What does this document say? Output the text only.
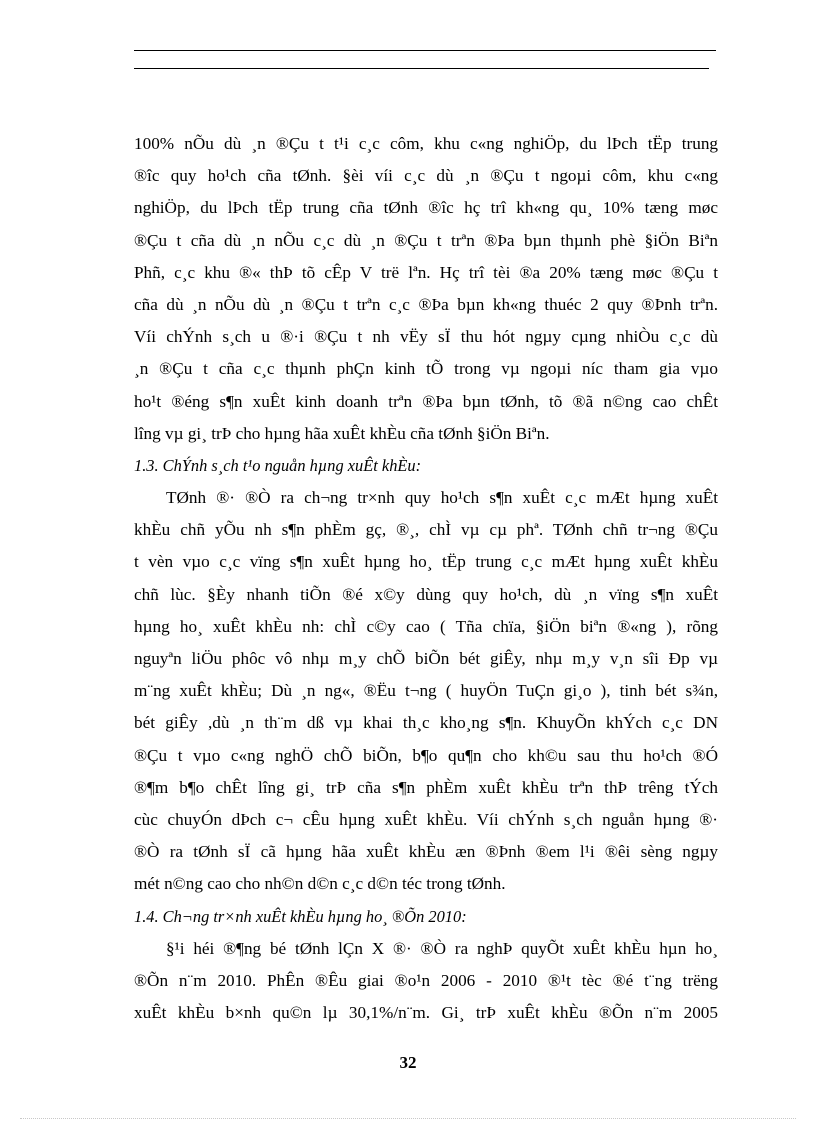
100% nÕu dù ¸n ®Çu t t¹i c¸c côm, khu c«ng nghiÖp, du lÞch tËp trung
®îc quy ho¹ch cña tØnh. §èi víi c¸c dù ¸n ®Çu t ngoµi côm, khu c«ng
nghiÖp, du lÞch tËp trung cña tØnh ®îc hç trî kh«ng qu¸ 10% tæng møc
®Çu t cña dù ¸n nÕu c¸c dù ¸n ®Çu t trªn ®Þa bµn thµnh phè §iÖn Biªn
Phñ, c¸c khu ®« thÞ tõ cÊp V trë lªn. Hç trî tèi ®a 20% tæng møc ®Çu t
cña dù ¸n nÕu dù ¸n ®Çu t trªn c¸c ®Þa bµn kh«ng thuéc 2 quy ®Þnh trªn.
Víi chÝnh s¸ch u ®·i ®Çu t nh vËy sÏ thu hót ngµy cµng nhiÒu c¸c dù
¸n ®Çu t cña c¸c thµnh phÇn kinh tÕ trong vµ ngoµi níc tham gia vµo
ho¹t ®éng s¶n xuÊt kinh doanh trªn ®Þa bµn tØnh, tõ ®ã n©ng cao chÊt
lîng vµ gi¸ trÞ cho hµng hãa xuÊt khÈu cña tØnh §iÖn Biªn.
1.3. ChÝnh s¸ch t¹o nguån hµng xuÊt khÈu:
TØnh ®· ®Ò ra ch¬ng tr×nh quy ho¹ch s¶n xuÊt c¸c mÆt hµng xuÊt
khÈu chñ yÕu nh s¶n phÈm gç, ®¸, chÌ vµ cµ phª. TØnh chñ tr¬ng ®Çu
t vèn vµo c¸c vïng s¶n xuÊt hµng ho¸ tËp trung c¸c mÆt hµng xuÊt khÈu
chñ lùc. §Èy nhanh tiÕn ®é x©y dùng quy ho¹ch, dù ¸n vïng s¶n xuÊt
hµng ho¸ xuÊt khÈu nh: chÌ c©y cao ( Tña chïa, §iÖn biªn ®«ng ), rõng
nguyªn liÖu phôc vô nhµ m¸y chÕ biÕn bét giÊy, nhµ m¸y v¸n sîi Ðp vµ
m¨ng xuÊt khÈu; Dù ¸n ng«, ®Ëu t¬ng ( huyÖn TuÇn gi¸o ), tinh bét s¾n,
bét giÊy ,dù ¸n th¨m dß vµ khai th¸c kho¸ng s¶n. KhuyÕn khÝch c¸c DN
®Çu t vµo c«ng nghÖ chÕ biÕn, b¶o qu¶n cho kh©u sau thu ho¹ch ®Ó
®¶m b¶o chÊt lîng gi¸ trÞ cña s¶n phÈm xuÊt khÈu trªn thÞ trêng tÝch
cùc chuyÓn dÞch c¬ cÊu hµng xuÊt khÈu. Víi chÝnh s¸ch nguån hµng ®·
®Ò ra tØnh sÏ cã hµng hãa xuÊt khÈu æn ®Þnh ®em l¹i ®êi sèng ngµy
mét n©ng cao cho nh©n d©n c¸c d©n téc trong tØnh.
1.4. Ch¬ng tr×nh xuÊt khÈu hµng ho¸ ®Õn 2010:
§¹i héi ®¶ng bé tØnh lÇn X ®· ®Ò ra nghÞ quyÕt xuÊt khÈu hµn ho¸
®Õn n¨m 2010. PhÊn ®Êu giai ®o¹n 2006 - 2010 ®¹t tèc ®é t¨ng trëng
xuÊt khÈu b×nh qu©n lµ 30,1%/n¨m. Gi¸ trÞ xuÊt khÈu ®Õn n¨m 2005
32
